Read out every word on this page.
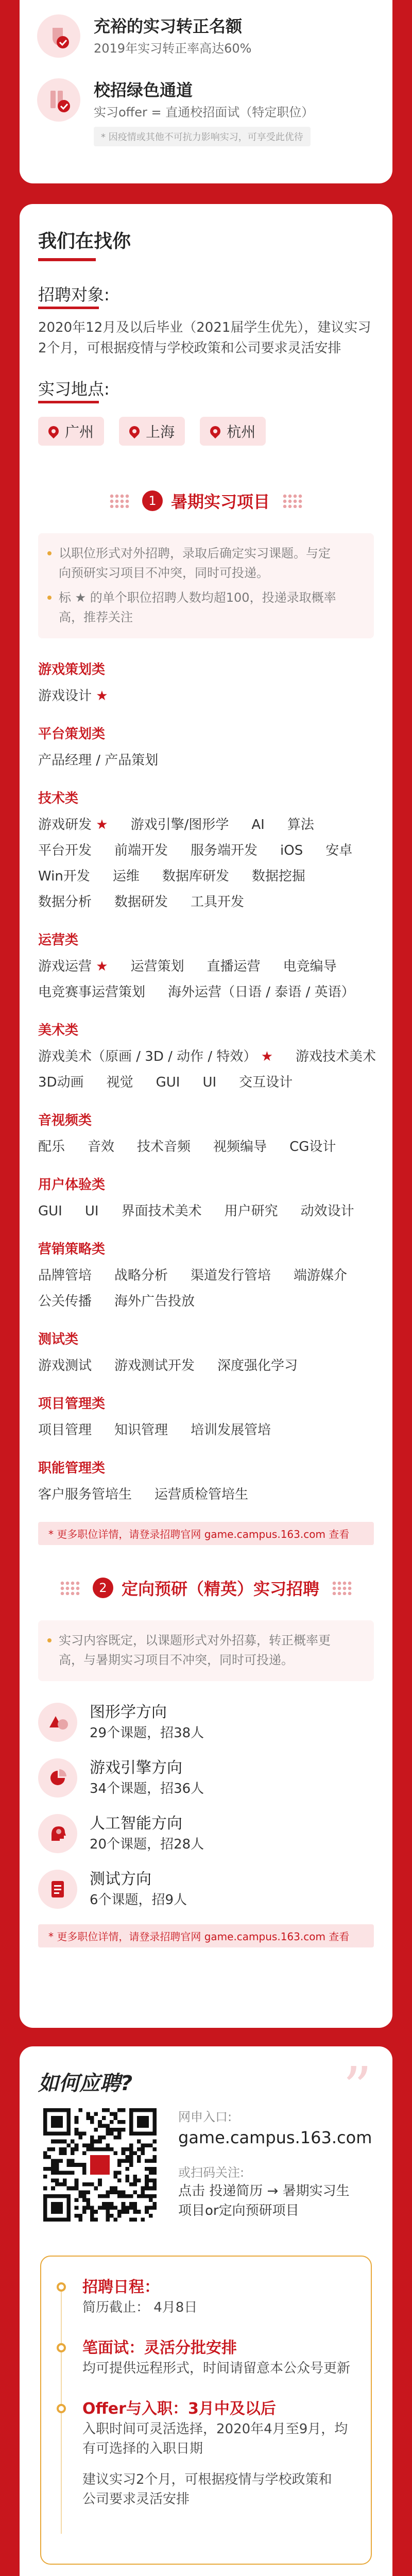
充裕的实习转正名额
2019年实习转正率高达60%
校招绿色通道
实习offer = 直通校招面试（特定职位）
* 因疫情或其他不可抗力影响实习，可享受此优待
我们在找你
招聘对象:
2020年12月及以后毕业（2021届学生优先），建议实习
2个月，可根据疫情与学校政策和公司要求灵活安排
实习地点:
广州
	上海
	杭州
1 暑期实习项目
以职位形式对外招聘，录取后确定实习课题。与定
向预研实习项目不冲突，同时可投递。
标 ★ 的单个职位招聘人数均超100，投递录取概率
高，推荐关注
游戏策划类
游戏设计 ★
平台策划类
产品经理 / 产品策划
技术类
游戏研发 ★ 游戏引擎/图形学 AI 算法
平台开发 前端开发 服务端开发 iOS 安卓
Win开发 运维 数据库研发 数据挖掘
数据分析 数据研发 工具开发
运营类
游戏运营 ★ 运营策划 直播运营 电竞编导
电竞赛事运营策划 海外运营（日语 / 泰语 / 英语）
美术类
游戏美术（原画 / 3D / 动作 / 特效） ★ 游戏技术美术
3D动画 视觉 GUI UI 交互设计
音视频类
配乐 音效 技术音频 视频编导 CG设计
用户体验类
GUI UI 界面技术美术 用户研究 动效设计
营销策略类
品牌管培 战略分析 渠道发行管培 端游媒介
公关传播 海外广告投放
测试类
游戏测试 游戏测试开发 深度强化学习
项目管理类
项目管理 知识管理 培训发展管培
职能管理类
客户服务管培生 运营质检管培生
* 更多职位详情，请登录招聘官网 game.campus.163.com 查看
2 定向预研（精英）实习招聘
实习内容既定，以课题形式对外招募，转正概率更
高，与暑期实习项目不冲突，同时可投递。
图形学方向
29个课题，招38人
游戏引擎方向
34个课题，招36人
人工智能方向
20个课题，招28人
测试方向
6个课题，招9人
* 更多职位详情，请登录招聘官网 game.campus.163.com 查看
如何应聘?	”
网申入口:
game.campus.163.com
或扫码关注:
点击 投递简历 → 暑期实习生
项目or定向预研项目
招聘日程：
简历截止： 4月8日
笔面试：灵活分批安排
均可提供远程形式，时间请留意本公众号更新
Offer与入职：3月中及以后
入职时间可灵活选择，2020年4月至9月，均
有可选择的入职日期
建议实习2个月，可根据疫情与学校政策和
公司要求灵活安排
